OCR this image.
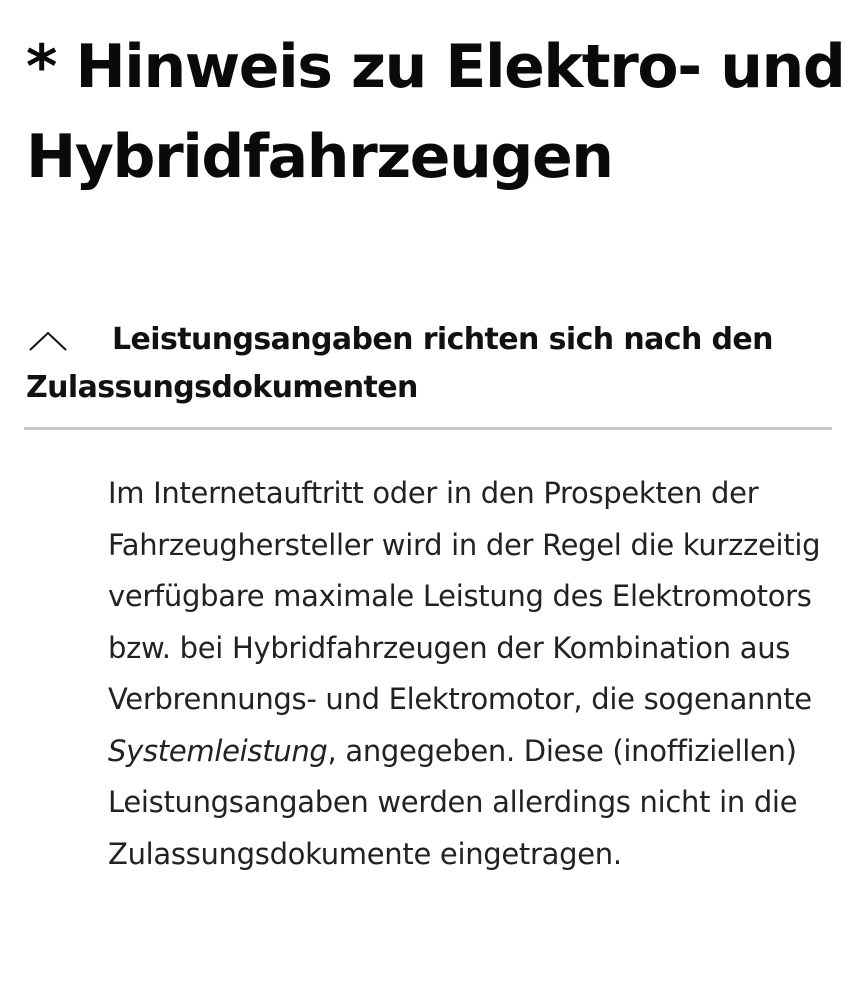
* Hinweis zu Elektro- und Hybridfahrzeugen

Leistungsangaben richten sich nach den Zulassungsdokumenten

Im Internetauftritt oder in den Prospekten der Fahrzeughersteller wird in der Regel die kurzzeitig verfügbare maximale Leistung des Elektromotors bzw. bei Hybridfahrzeugen der Kombination aus Verbrennungs- und Elektromotor, die sogenannte Systemleistung, angegeben. Diese (inoffiziellen) Leistungsangaben werden allerdings nicht in die Zulassungsdokumente eingetragen.
